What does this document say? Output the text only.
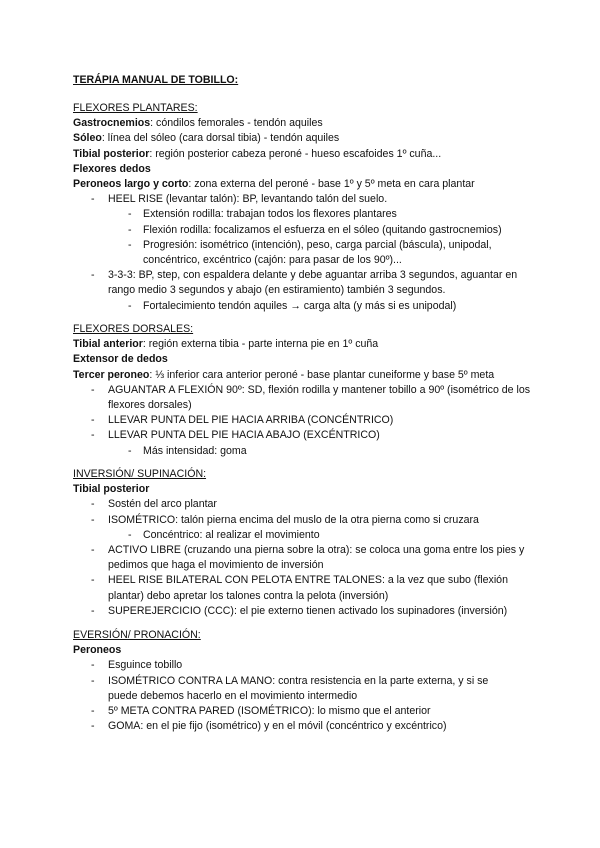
TERÁPIA MANUAL DE TOBILLO:

FLEXORES PLANTARES:

Gastrocnemios: cóndilos femorales - tendón aquiles

Sóleo: línea del sóleo (cara dorsal tibia) - tendón aquiles

Tibial posterior: región posterior cabeza peroné - hueso escafoides 1º cuña...

Flexores dedos

Peroneos largo y corto: zona externa del peroné - base 1º y 5º meta en cara plantar

- HEEL RISE (levantar talón): BP, levantando talón del suelo.
- Extensión rodilla: trabajan todos los flexores plantares
- Flexión rodilla: focalizamos el esfuerza en el sóleo (quitando gastrocnemios)
- Progresión: isométrico (intención), peso, carga parcial (báscula), unipodal, concéntrico, excéntrico (cajón: para pasar de los 90º)...
- 3-3-3: BP, step, con espaldera delante y debe aguantar arriba 3 segundos, aguantar en rango medio 3 segundos y abajo (en estiramiento) también 3 segundos.
- Fortalecimiento tendón aquiles → carga alta (y más si es unipodal)

FLEXORES DORSALES:

Tibial anterior: región externa tibia - parte interna pie en 1º cuña

Extensor de dedos

Tercer peroneo: ⅓ inferior cara anterior peroné - base plantar cuneiforme y base 5º meta

- AGUANTAR A FLEXIÓN 90º: SD, flexión rodilla y mantener tobillo a 90º (isométrico de los flexores dorsales)
- LLEVAR PUNTA DEL PIE HACIA ARRIBA (CONCÉNTRICO)
- LLEVAR PUNTA DEL PIE HACIA ABAJO (EXCÉNTRICO)
- Más intensidad: goma

INVERSIÓN/ SUPINACIÓN:

Tibial posterior

- Sostén del arco plantar
- ISOMÉTRICO: talón pierna encima del muslo de la otra pierna como si cruzara
- Concéntrico: al realizar el movimiento
- ACTIVO LIBRE (cruzando una pierna sobre la otra): se coloca una goma entre los pies y pedimos que haga el movimiento de inversión
- HEEL RISE BILATERAL CON PELOTA ENTRE TALONES: a la vez que subo (flexión plantar) debo apretar los talones contra la pelota (inversión)
- SUPEREJERCICIO (CCC): el pie externo tienen activado los supinadores (inversión)

EVERSIÓN/ PRONACIÓN:

Peroneos

- Esguince tobillo
- ISOMÉTRICO CONTRA LA MANO: contra resistencia en la parte externa, y si se puede debemos hacerlo en el movimiento intermedio
- 5º META CONTRA PARED (ISOMÉTRICO): lo mismo que el anterior
- GOMA: en el pie fijo (isométrico) y en el móvil (concéntrico y excéntrico)
